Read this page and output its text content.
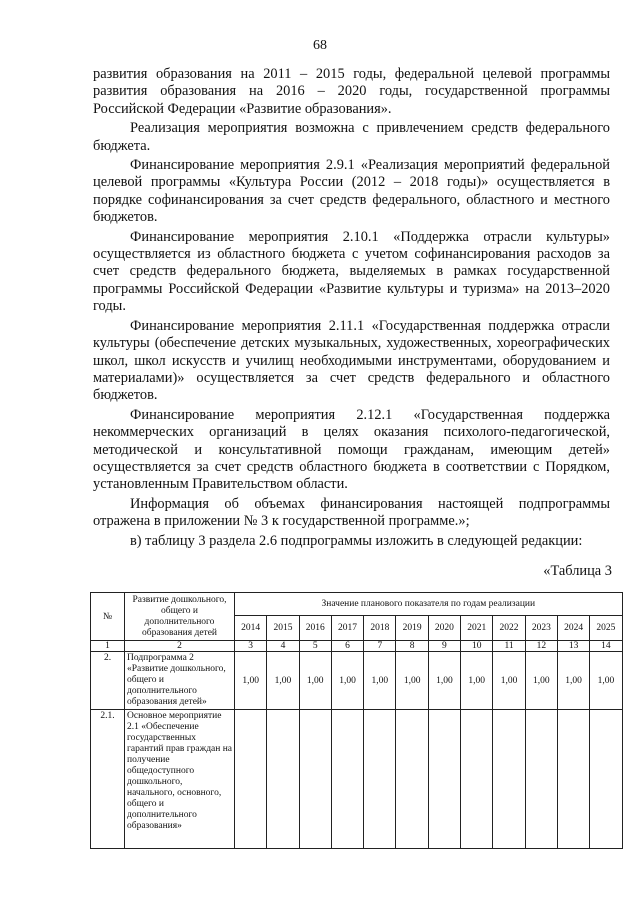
68

развития образования на 2011 – 2015 годы, федеральной целевой программы развития образования на 2016 – 2020 годы, государственной программы Российской Федерации «Развитие образования».

Реализация мероприятия возможна с привлечением средств федерального бюджета.

Финансирование мероприятия 2.9.1 «Реализация мероприятий федеральной целевой программы «Культура России (2012 – 2018 годы)» осуществляется в порядке софинансирования за счет средств федерального, областного и местного бюджетов.

Финансирование мероприятия 2.10.1 «Поддержка отрасли культуры» осуществляется из областного бюджета с учетом софинансирования расходов за счет средств федерального бюджета, выделяемых в рамках государственной программы Российской Федерации «Развитие культуры и туризма» на 2013–2020 годы.

Финансирование мероприятия 2.11.1 «Государственная поддержка отрасли культуры (обеспечение детских музыкальных, художественных, хореографических школ, школ искусств и училищ необходимыми инструментами, оборудованием и материалами)» осуществляется за счет средств федерального и областного бюджетов.

Финансирование мероприятия 2.12.1 «Государственная поддержка некоммерческих организаций в целях оказания психолого-педагогической, методической и консультативной помощи гражданам, имеющим детей» осуществляется за счет средств областного бюджета в соответствии с Порядком, установленным Правительством области.

Информация об объемах финансирования настоящей подпрограммы отражена в приложении № 3 к государственной программе.»;

в) таблицу 3 раздела 2.6 подпрограммы изложить в следующей редакции:

«Таблица 3
№	Развитие дошкольного, общего и дополнительного образования детей	Значение планового показателя по годам реализации											
		2014	2015	2016	2017	2018	2019	2020	2021	2022	2023	2024	2025
1	2	3	4	5	6	7	8	9	10	11	12	13	14
2.	Подпрограмма 2 «Развитие дошкольного, общего и дополнительного образования детей»	1,00	1,00	1,00	1,00	1,00	1,00	1,00	1,00	1,00	1,00	1,00	1,00
2.1.	Основное мероприятие 2.1 «Обеспечение государственных гарантий прав граждан на получение общедоступного дошкольного, начального, основного, общего и дополнительного образования»												
